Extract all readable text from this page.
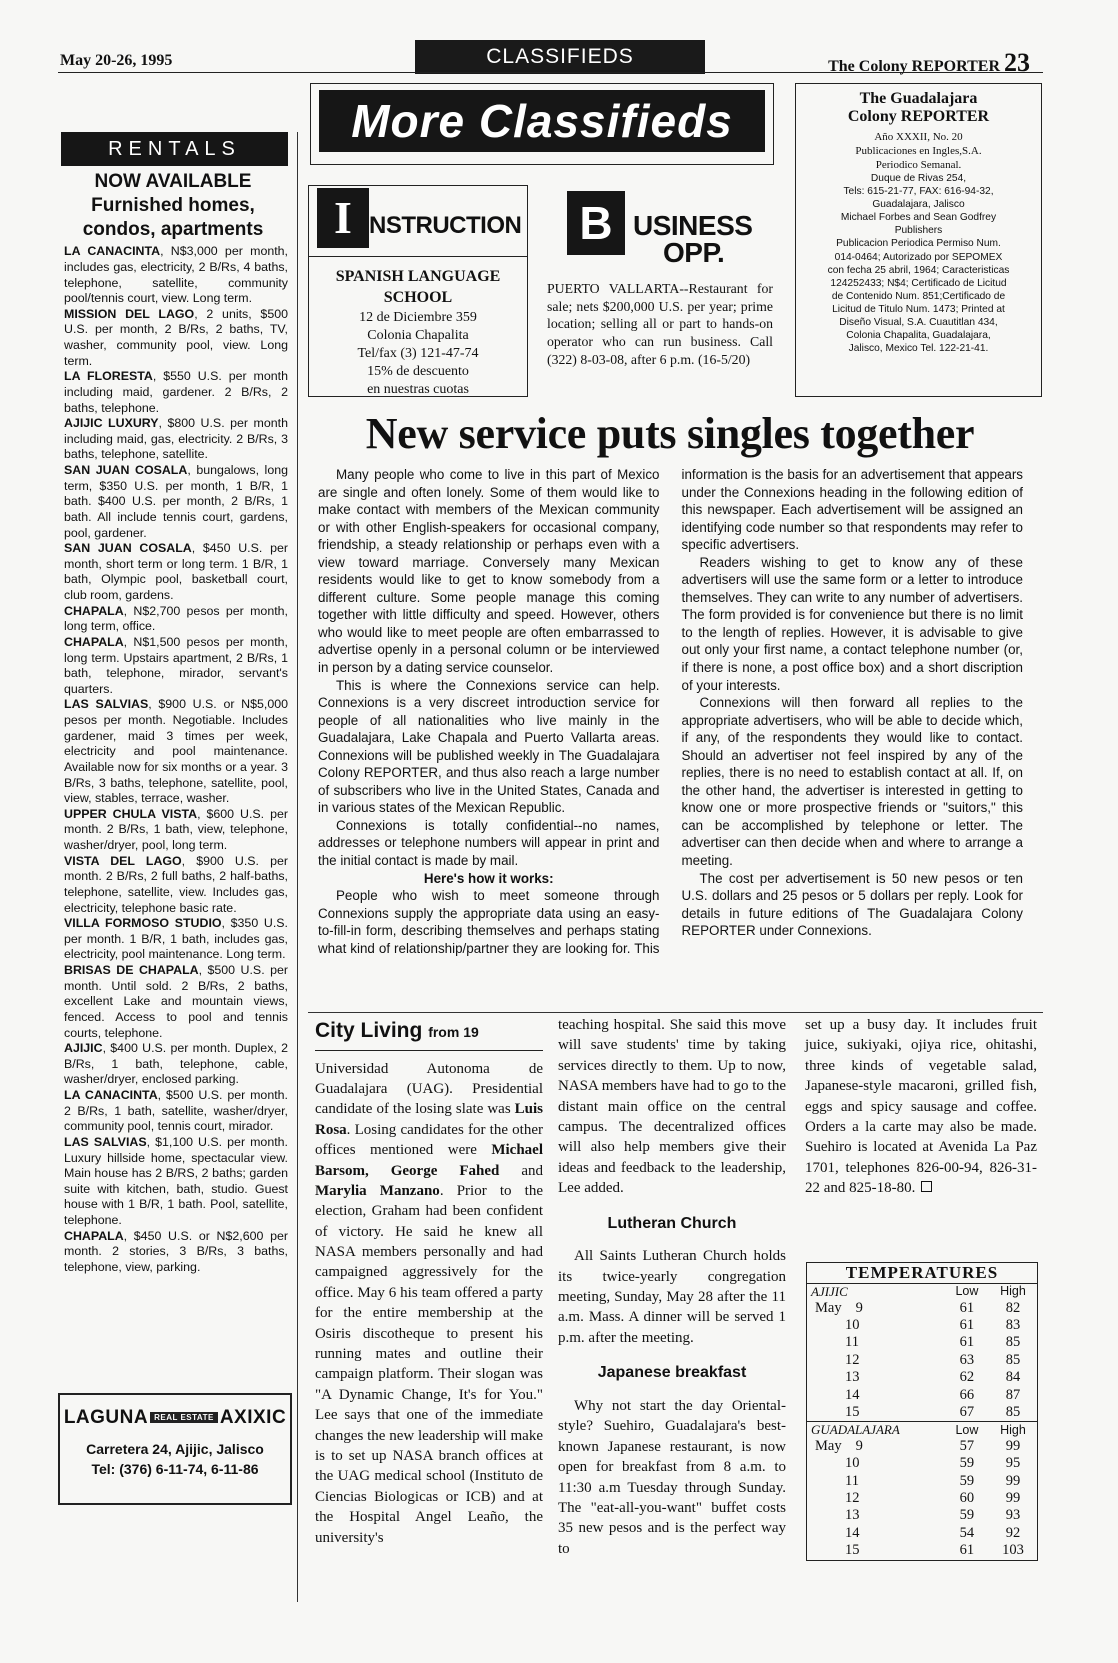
May 20-26, 1995	CLASSIFIEDS	The Colony REPORTER 23
RENTALS
NOW AVAILABLE
Furnished homes,
condos, apartments

LA CANACINTA, N$3,000 per month, includes gas, electricity, 2 B/Rs, 4 baths, telephone, satellite, community pool/tennis court, view. Long term.

MISSION DEL LAGO, 2 units, $500 U.S. per month, 2 B/Rs, 2 baths, TV, washer, community pool, view. Long term.

LA FLORESTA, $550 U.S. per month including maid, gardener. 2 B/Rs, 2 baths, telephone.

AJIJIC LUXURY, $800 U.S. per month including maid, gas, electricity. 2 B/Rs, 3 baths, telephone, satellite.

SAN JUAN COSALA, bungalows, long term, $350 U.S. per month, 1 B/R, 1 bath. $400 U.S. per month, 2 B/Rs, 1 bath. All include tennis court, gardens, pool, gardener.

SAN JUAN COSALA, $450 U.S. per month, short term or long term. 1 B/R, 1 bath, Olympic pool, basketball court, club room, gardens.

CHAPALA, N$2,700 pesos per month, long term, office.

CHAPALA, N$1,500 pesos per month, long term. Upstairs apartment, 2 B/Rs, 1 bath, telephone, mirador, servant's quarters.

LAS SALVIAS, $900 U.S. or N$5,000 pesos per month. Negotiable. Includes gardener, maid 3 times per week, electricity and pool maintenance. Available now for six months or a year. 3 B/Rs, 3 baths, telephone, satellite, pool, view, stables, terrace, washer.

UPPER CHULA VISTA, $600 U.S. per month. 2 B/Rs, 1 bath, view, telephone, washer/dryer, pool, long term.

VISTA DEL LAGO, $900 U.S. per month. 2 B/Rs, 2 full baths, 2 half-baths, telephone, satellite, view. Includes gas, electricity, telephone basic rate.

VILLA FORMOSO STUDIO, $350 U.S. per month. 1 B/R, 1 bath, includes gas, electricity, pool maintenance. Long term.

BRISAS DE CHAPALA, $500 U.S. per month. Until sold. 2 B/Rs, 2 baths, excellent Lake and mountain views, fenced. Access to pool and tennis courts, telephone.

AJIJIC, $400 U.S. per month. Duplex, 2 B/Rs, 1 bath, telephone, cable, washer/dryer, enclosed parking.

LA CANACINTA, $500 U.S. per month. 2 B/Rs, 1 bath, satellite, washer/dryer, community pool, tennis court, mirador.

LAS SALVIAS, $1,100 U.S. per month. Luxury hillside home, spectacular view. Main house has 2 B/RS, 2 baths; garden suite with kitchen, bath, studio. Guest house with 1 B/R, 1 bath. Pool, satellite, telephone.

CHAPALA, $450 U.S. or N$2,600 per month. 2 stories, 3 B/Rs, 3 baths, telephone, view, parking.

LAGUNA REAL ESTATE AXIXIC
Carretera 24, Ajijic, Jalisco
Tel: (376) 6-11-74, 6-11-86
More Classifieds
I NSTRUCTION
SPANISH LANGUAGE
SCHOOL
12 de Diciembre 359
Colonia Chapalita
Tel/fax (3) 121-47-74
15% de descuento
en nuestras cuotas
B USINESS
OPP.
PUERTO VALLARTA--Restaurant for sale; nets $200,000 U.S. per year; prime location; selling all or part to hands-on operator who can run business. Call (322) 8-03-08, after 6 p.m. (16-5/20)
The Guadalajara
Colony REPORTER
Año XXXII, No. 20
Publicaciones en Ingles,S.A.
Periodico Semanal.
Duque de Rivas 254,
Tels: 615-21-77, FAX: 616-94-32,
Guadalajara, Jalisco
Michael Forbes and Sean Godfrey
Publishers
Publicacion Periodica Permiso Num.
014-0464; Autorizado por SEPOMEX
con fecha 25 abril, 1964; Caracteristicas
124252433; N$4; Certificado de Licitud
de Contenido Num. 851;Certificado de
Licitud de Titulo Num. 1473; Printed at
Diseño Visual, S.A. Cuautitlan 434,
Colonia Chapalita, Guadalajara,
Jalisco, Mexico Tel. 122-21-41.
New service puts singles together

Many people who come to live in this part of Mexico are single and often lonely. Some of them would like to make contact with members of the Mexican community or with other English-speakers for occasional company, friendship, a steady relationship or perhaps even with a view toward marriage. Conversely many Mexican residents would like to get to know somebody from a different culture. Some people manage this coming together with little difficulty and speed. However, others who would like to meet people are often embarrassed to advertise openly in a personal column or be interviewed in person by a dating service counselor.

This is where the Connexions service can help. Connexions is a very discreet introduction service for people of all nationalities who live mainly in the Guadalajara, Lake Chapala and Puerto Vallarta areas. Connexions will be published weekly in The Guadalajara Colony REPORTER, and thus also reach a large number of subscribers who live in the United States, Canada and in various states of the Mexican Republic.

Connexions is totally confidential--no names, addresses or telephone numbers will appear in print and the initial contact is made by mail.

Here's how it works:

People who wish to meet someone through Connexions supply the appropriate data using an easy-to-fill-in form, describing themselves and perhaps stating what kind of relationship/partner they are looking for. This information is the basis for an advertisement that appears under the Connexions heading in the following edition of this newspaper. Each advertisement will be assigned an identifying code number so that respondents may refer to specific advertisers.

Readers wishing to get to know any of these advertisers will use the same form or a letter to introduce themselves. They can write to any number of advertisers. The form provided is for convenience but there is no limit to the length of replies. However, it is advisable to give out only your first name, a contact telephone number (or, if there is none, a post office box) and a short discription of your interests.

Connexions will then forward all replies to the appropriate advertisers, who will be able to decide which, if any, of the respondents they would like to contact. Should an advertiser not feel inspired by any of the replies, there is no need to establish contact at all. If, on the other hand, the advertiser is interested in getting to know one or more prospective friends or "suitors," this can be accomplished by telephone or letter. The advertiser can then decide when and where to arrange a meeting.

The cost per advertisement is 50 new pesos or ten U.S. dollars and 25 pesos or 5 dollars per reply. Look for details in future editions of The Guadalajara Colony REPORTER under Connexions.

City Living from 19

Universidad Autonoma de Guadalajara (UAG). Presidential candidate of the losing slate was Luis Rosa. Losing candidates for the other offices mentioned were Michael Barsom, George Fahed and Marylia Manzano. Prior to the election, Graham had been confident of victory. He said he knew all NASA members personally and had campaigned aggressively for the office. May 6 his team offered a party for the entire membership at the Osiris discotheque to present his running mates and outline their campaign platform. Their slogan was "A Dynamic Change, It's for You." Lee says that one of the immediate changes the new leadership will make is to set up NASA branch offices at the UAG medical school (Instituto de Ciencias Biologicas or ICB) and at the Hospital Angel Leaño, the university's

teaching hospital. She said this move will save students' time by taking services directly to them. Up to now, NASA members have had to go to the distant main office on the central campus. The decentralized offices will also help members give their ideas and feedback to the leadership, Lee added.

Lutheran Church

All Saints Lutheran Church holds its twice-yearly congregation meeting, Sunday, May 28 after the 11 a.m. Mass. A dinner will be served 1 p.m. after the meeting.

Japanese breakfast

Why not start the day Oriental-style? Suehiro, Guadalajara's best-known Japanese restaurant, is now open for breakfast from 8 a.m. to 11:30 a.m Tuesday through Sunday. The "eat-all-you-want" buffet costs 35 new pesos and is the perfect way to

set up a busy day. It includes fruit juice, sukiyaki, ojiya rice, ohitashi, three kinds of vegetable salad, Japanese-style macaroni, grilled fish, eggs and spicy sausage and coffee. Orders a la carte may also be made. Suehiro is located at Avenida La Paz 1701, telephones 826-00-94, 826-31-22 and 825-18-80.

TEMPERATURES
AJIJIC	Low	High
May 9	61	82
10	61	83
11	61	85
12	63	85
13	62	84
14	66	87
15	67	85
GUADALAJARA	Low	High
May 9	57	99
10	59	95
11	59	99
12	60	99
13	59	93
14	54	92
15	61	103
